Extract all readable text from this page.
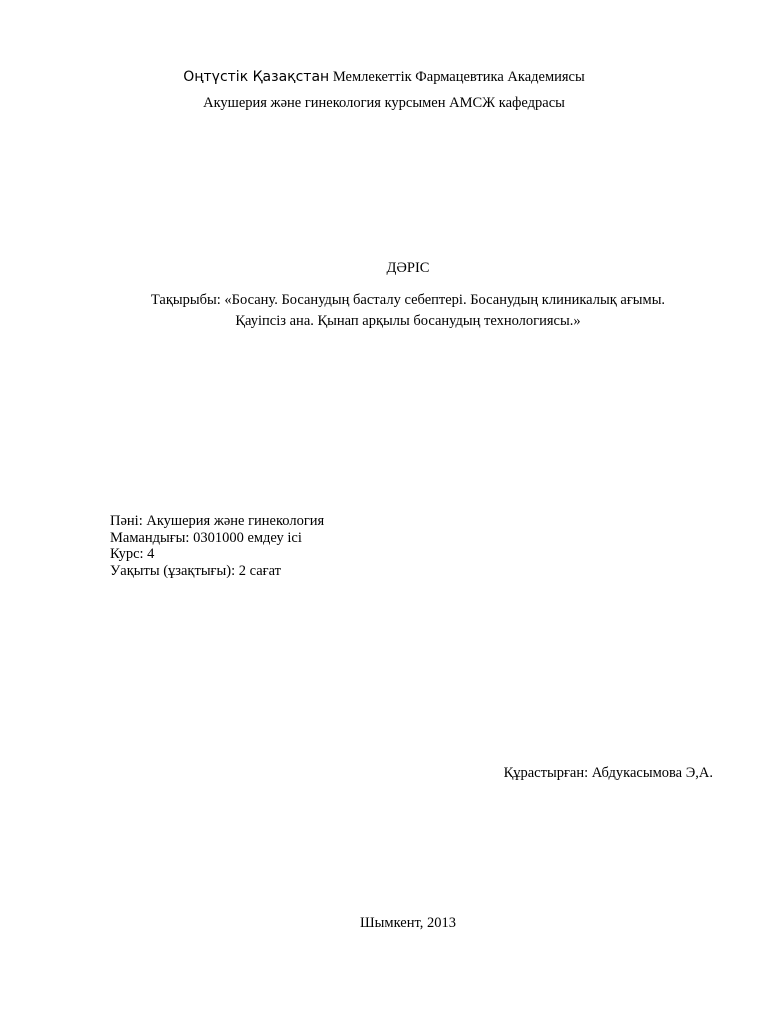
Оңтүстік Қазақстан Мемлекеттік Фармацевтика Академиясы
Акушерия және гинекология курсымен АМСЖ кафедрасы
ДӘРІС
Тақырыбы: «Босану. Босанудың басталу себептері. Босанудың клиникалық ағымы.
Қауіпсіз ана. Қынап арқылы босанудың технологиясы.»
Пәні: Акушерия және гинекология
Мамандығы: 0301000 емдеу ісі
Курс: 4
Уақыты (ұзақтығы): 2 сағат
Құрастырған: Абдукасымова Э,А.
Шымкент, 2013
